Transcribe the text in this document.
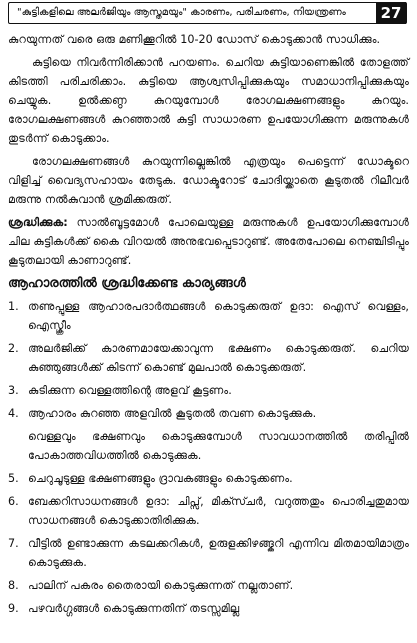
"കുട്ടികളിലെ അലർജിയും ആസ്തമയും" കാരണം, പരിചരണം, നിയന്ത്രണം	27

കുറയുന്നത് വരെ ഒരു മണിക്കൂറിൽ 10-20 ഡോസ് കൊടുക്കാൻ സാധിക്കും.

കുട്ടിയെ നിവർന്നിരിക്കാൻ പറയണം. ചെറിയ കുട്ടിയാണെങ്കിൽ തോളത്ത് കിടത്തി പരിചരിക്കാം. കുട്ടിയെ ആശ്വസിപ്പിക്കുകയും സമാധാനിപ്പിക്കുകയും ചെയ്യുക. ഉൽക്കണ്ഠ കുറയുമ്പോൾ രോഗലക്ഷണങ്ങളും കുറയും. രോഗലക്ഷണങ്ങൾ കുറഞ്ഞാൽ കുട്ടി സാധാരണ ഉപയോഗിക്കുന്ന മരുന്നുകൾ തുടർന്ന് കൊടുക്കാം.

രോഗലക്ഷണങ്ങൾ കുറയുന്നില്ലെങ്കിൽ എത്രയും പെട്ടെന്ന് ഡോക്ടറെ വിളിച്ച് വൈദ്യസഹായം തേടുക. ഡോക്ടറോട് ചോദിയ്ക്കാതെ കൂടുതൽ റിലീവർ മരുന്നു നൽകുവാൻ ശ്രമിക്കരുത്.

ശ്രദ്ധിക്കുക: സാൽബൂട്ടമോൾ പോലെയുള്ള മരുന്നുകൾ ഉപയോഗിക്കുമ്പോൾ ചില കുട്ടികൾക്ക് കൈ വിറയൽ അനുഭവപ്പെടാറുണ്ട്. അതേപോലെ നെഞ്ചിടിപ്പും കൂടുതലായി കാണാറുണ്ട്.

ആഹാരത്തിൽ ശ്രദ്ധിക്കേണ്ട കാര്യങ്ങൾ
1. തണുപ്പുള്ള ആഹാരപദാർത്ഥങ്ങൾ കൊടുക്കരുത് ഉദാ: ഐസ് വെള്ളം, ഐസ്ക്രീം
2. അലർജിക്ക് കാരണമായേക്കാവുന്ന ഭക്ഷണം കൊടുക്കരുത്. ചെറിയ കുഞ്ഞുങ്ങൾക്ക് കിടന്ന് കൊണ്ട് മുലപാൽ കൊടുക്കരുത്.
3. കുടിക്കുന്ന വെള്ളത്തിന്റെ അളവ് കൂട്ടണം.
4. ആഹാരം കുറഞ്ഞ അളവിൽ കൂടുതൽ തവണ കൊടുക്കുക.

വെള്ളവും ഭക്ഷണവും കൊടുക്കുമ്പോൾ സാവധാനത്തിൽ തരിപ്പിൽ പോകാത്തവിധത്തിൽ കൊടുക്കുക.

5. ചെറുചൂടുള്ള ഭക്ഷണങ്ങളും ദ്രാവകങ്ങളും കൊടുക്കണം.
6. ബേക്കറിസാധനങ്ങൾ ഉദാ: ചിപ്സ്, മിക്സ്ചർ, വറുത്തതും പൊരിച്ചതുമായ സാധനങ്ങൾ കൊടുക്കാതിരിക്കുക.
7. വീട്ടിൽ ഉണ്ടാക്കുന്ന കടലക്കറികൾ, ഉരുളക്കിഴങ്ങ്കറി എന്നിവ മിതമായിമാത്രം കൊടുക്കുക.
8. പാലിന് പകരം തൈരായി കൊടുക്കുന്നത് നല്ലതാണ്.
9. പഴവർഗ്ഗങ്ങൾ കൊടുക്കുന്നതിന് തടസ്സമില്ല
